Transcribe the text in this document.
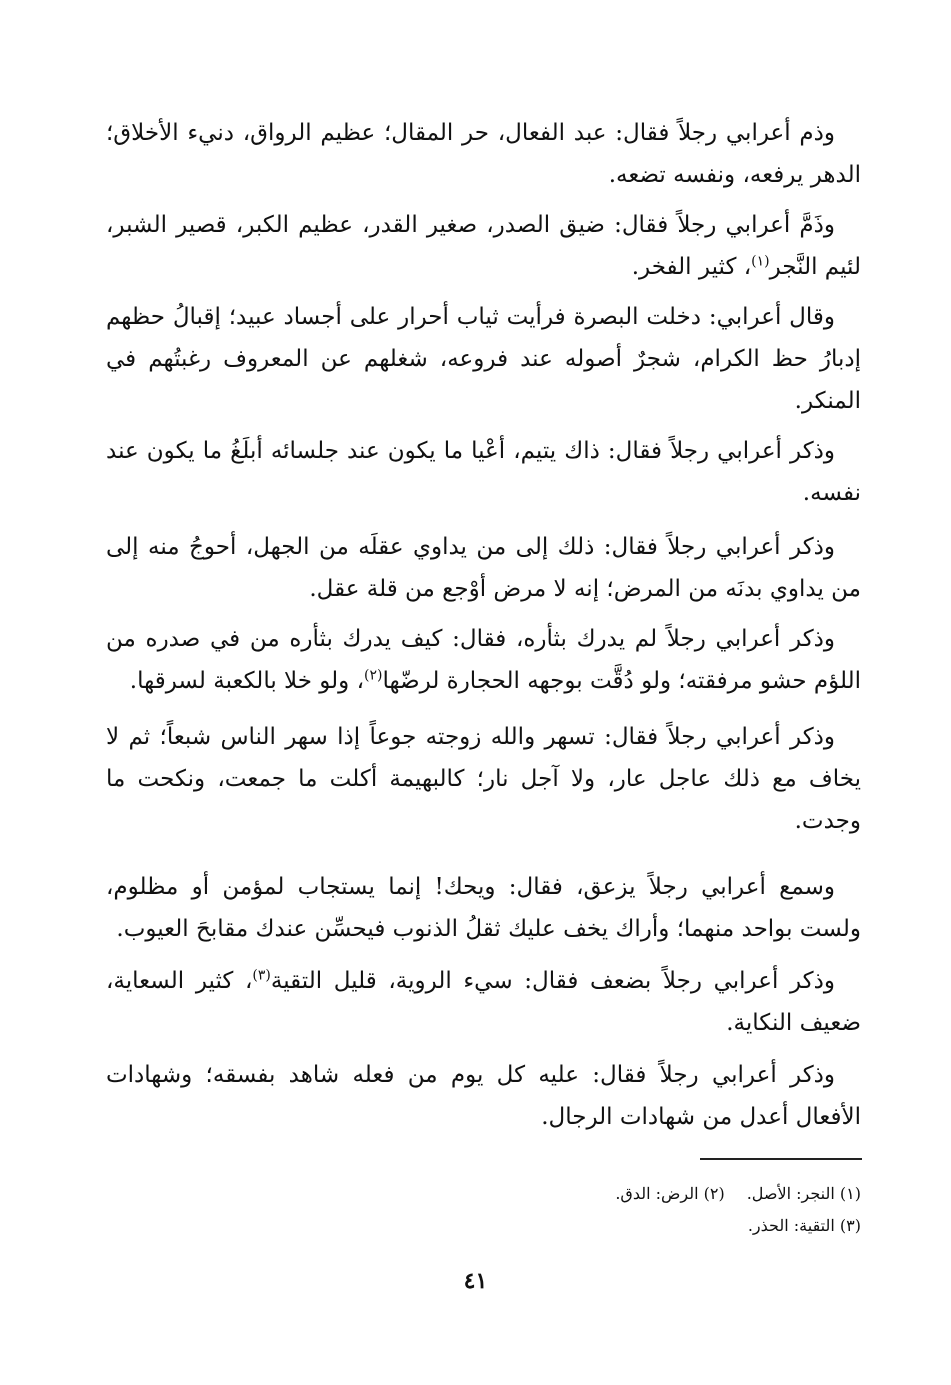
وذم أعرابي رجلاً فقال: عبد الفعال، حر المقال؛ عظيم الرواق، دنيء الأخلاق؛ الدهر يرفعه، ونفسه تضعه.

وذَمَّ أعرابي رجلاً فقال: ضيق الصدر، صغير القدر، عظيم الكبر، قصير الشبر، لئيم النَّجر$^{(١)}$، كثير الفخر.

وقال أعرابي: دخلت البصرة فرأيت ثياب أحرار على أجساد عبيد؛ إقبالُ حظهم إدبارُ حظ الكرام، شجرٌ أصوله عند فروعه، شغلهم عن المعروف رغبتُهم في المنكر.

وذكر أعرابي رجلاً فقال: ذاك يتيم، أعْيا ما يكون عند جلسائه أبلَغُ ما يكون عند نفسه.

وذكر أعرابي رجلاً فقال: ذلك إلى من يداوي عقلَه من الجهل، أحوجُ منه إلى من يداوي بدنَه من المرض؛ إنه لا مرض أوْجع من قلة عقل.

وذكر أعرابي رجلاً لم يدرك بثأره، فقال: كيف يدرك بثأره من في صدره من اللؤم حشو مرفقته؛ ولو دُقَّت بوجهه الحجارة لرضّها$^{(٢)}$، ولو خلا بالكعبة لسرقها.

وذكر أعرابي رجلاً فقال: تسهر والله زوجته جوعاً إذا سهر الناس شبعاً؛ ثم لا يخاف مع ذلك عاجل عار، ولا آجل نار؛ كالبهيمة أكلت ما جمعت، ونكحت ما وجدت.

وسمع أعرابي رجلاً يزعق، فقال: ويحك! إنما يستجاب لمؤمن أو مظلوم، ولست بواحد منهما؛ وأراك يخف عليك ثقلُ الذنوب فيحسِّن عندك مقابحَ العيوب.

وذكر أعرابي رجلاً بضعف فقال: سيء الروية، قليل التقية$^{(٣)}$، كثير السعاية، ضعيف النكاية.

وذكر أعرابي رجلاً فقال: عليه كل يوم من فعله شاهد بفسقه؛ وشهادات الأفعال أعدل من شهادات الرجال.

(١) النجر: الأصل.(٢) الرض: الدق.
(٣) التقية: الحذر.
٤١
